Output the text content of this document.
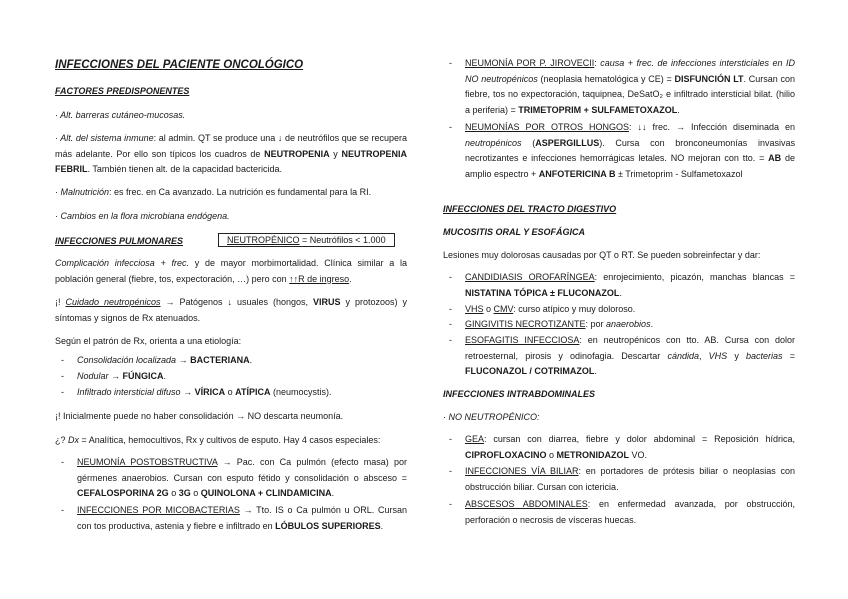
INFECCIONES DEL PACIENTE ONCOLÓGICO
FACTORES PREDISPONENTES

· Alt. barreras cutáneo-mucosas.

· Alt. del sistema inmune: al admin. QT se produce una ↓ de neutrófilos que se recupera más adelante. Por ello son típicos los cuadros de NEUTROPENIA y NEUTROPENIA FEBRIL. También tienen alt. de la capacidad bactericida.

· Malnutrición: es frec. en Ca avanzado. La nutrición es fundamental para la RI.

· Cambios en la flora microbiana endógena.

INFECCIONES PULMONARES	NEUTROPÉNICO = Neutrófilos < 1.000

Complicación infecciosa + frec. y de mayor morbimortalidad. Clínica similar a la población general (fiebre, tos, expectoración, …) pero con ↑↑R de ingreso.

¡! Cuidado neutropénicos → Patógenos ↓ usuales (hongos, VIRUS y protozoos) y síntomas y signos de Rx atenuados.

Según el patrón de Rx, orienta a una etiología:

- Consolidación localizada → BACTERIANA.

- Nodular → FÚNGICA.

- Infiltrado intersticial difuso → VÍRICA o ATÍPICA (neumocystis).

¡! Inicialmente puede no haber consolidación → NO descarta neumonía.

¿? Dx = Analítica, hemocultivos, Rx y cultivos de esputo. Hay 4 casos especiales:

- NEUMONÍA POSTOBSTRUCTIVA → Pac. con Ca pulmón (efecto masa) por gérmenes anaerobios. Cursan con esputo fétido y consolidación o absceso = CEFALOSPORINA 2G o 3G o QUINOLONA + CLINDAMICINA.

- INFECCIONES POR MICOBACTERIAS → Tto. IS o Ca pulmón u ORL. Cursan con tos productiva, astenia y fiebre e infiltrado en LÓBULOS SUPERIORES.

- NEUMONÍA POR P. JIROVECII: causa + frec. de infecciones intersticiales en ID NO neutropénicos (neoplasia hematológica y CE) = DISFUNCIÓN LT. Cursan con fiebre, tos no expectoración, taquipnea, DeSatO₂ e infiltrado intersticial bilat. (hilio a periferia) = TRIMETOPRIM + SULFAMETOXAZOL.

- NEUMONÍAS POR OTROS HONGOS: ↓↓ frec. → Infección diseminada en neutropénicos (ASPERGILLUS). Cursa con bronconeumonías invasivas necrotizantes e infecciones hemorrágicas letales. NO mejoran con tto. = AB de amplio espectro + ANFOTERICINA B ± Trimetoprim - Sulfametoxazol

INFECCIONES DEL TRACTO DIGESTIVO
MUCOSITIS ORAL Y ESOFÁGICA

Lesiones muy dolorosas causadas por QT o RT. Se pueden sobreinfectar y dar:

- CANDIDIASIS OROFARÍNGEA: enrojecimiento, picazón, manchas blancas = NISTATINA TÓPICA ± FLUCONAZOL.

- VHS o CMV: curso atípico y muy doloroso.

- GINGIVITIS NECROTIZANTE: por anaerobios.

- ESOFAGITIS INFECCIOSA: en neutropénicos con tto. AB. Cursa con dolor retroesternal, pirosis y odinofagia. Descartar cándida, VHS y bacterias = FLUCONAZOL / COTRIMAZOL.

INFECCIONES INTRABDOMINALES

· NO NEUTROPÉNICO:

- GEA: cursan con diarrea, fiebre y dolor abdominal = Reposición hídrica, CIPROFLOXACINO o METRONIDAZOL VO.

- INFECCIONES VÍA BILIAR: en portadores de prótesis biliar o neoplasias con obstrucción biliar. Cursan con ictericia.

- ABSCESOS ABDOMINALES: en enfermedad avanzada, por obstrucción, perforación o necrosis de vísceras huecas.
